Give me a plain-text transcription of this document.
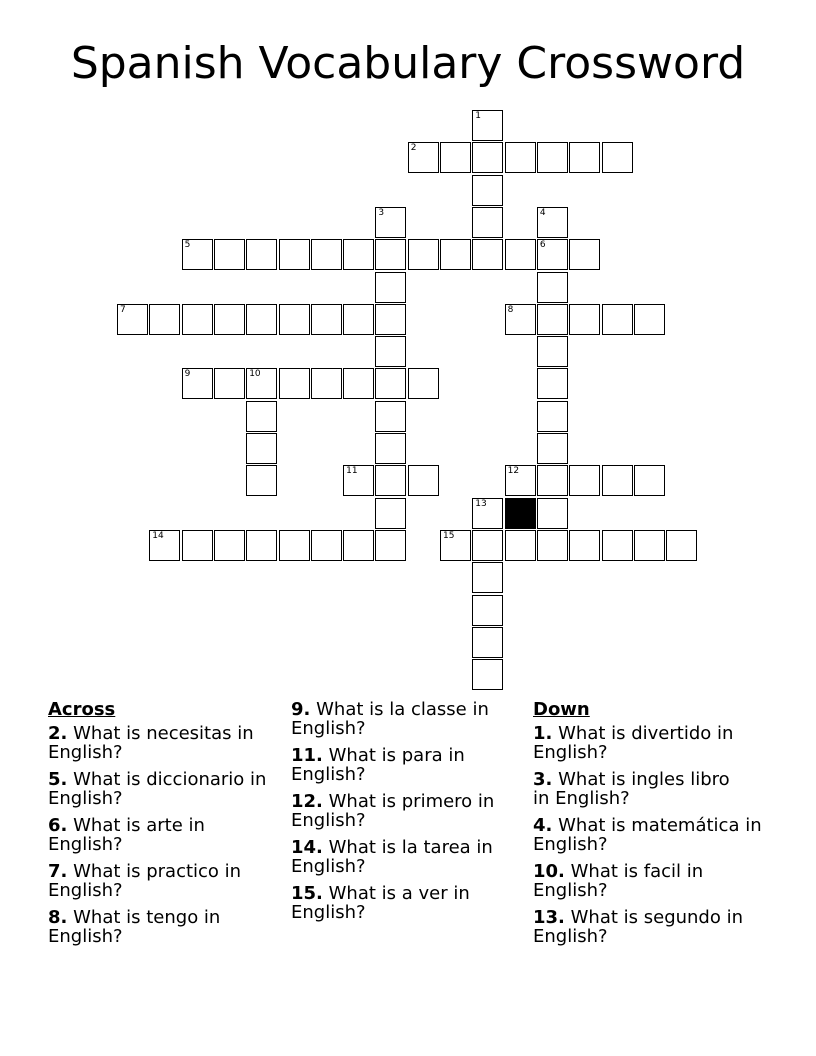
Spanish Vocabulary Crossword
1
2
3	4
6
5
7	8
9	10
11	12
13
14	15
Across
2. What is necesitas in English?
5. What is diccionario in English?
6. What is arte in English?
7. What is practico in English?
8. What is tengo in English?
9. What is la classe in English?
11. What is para in English?
12. What is primero in English?
14. What is la tarea in English?
15. What is a ver in English?
Down
1. What is divertido in English?
3. What is ingles libro in English?
4. What is matemática in English?
10. What is facil in English?
13. What is segundo in English?
